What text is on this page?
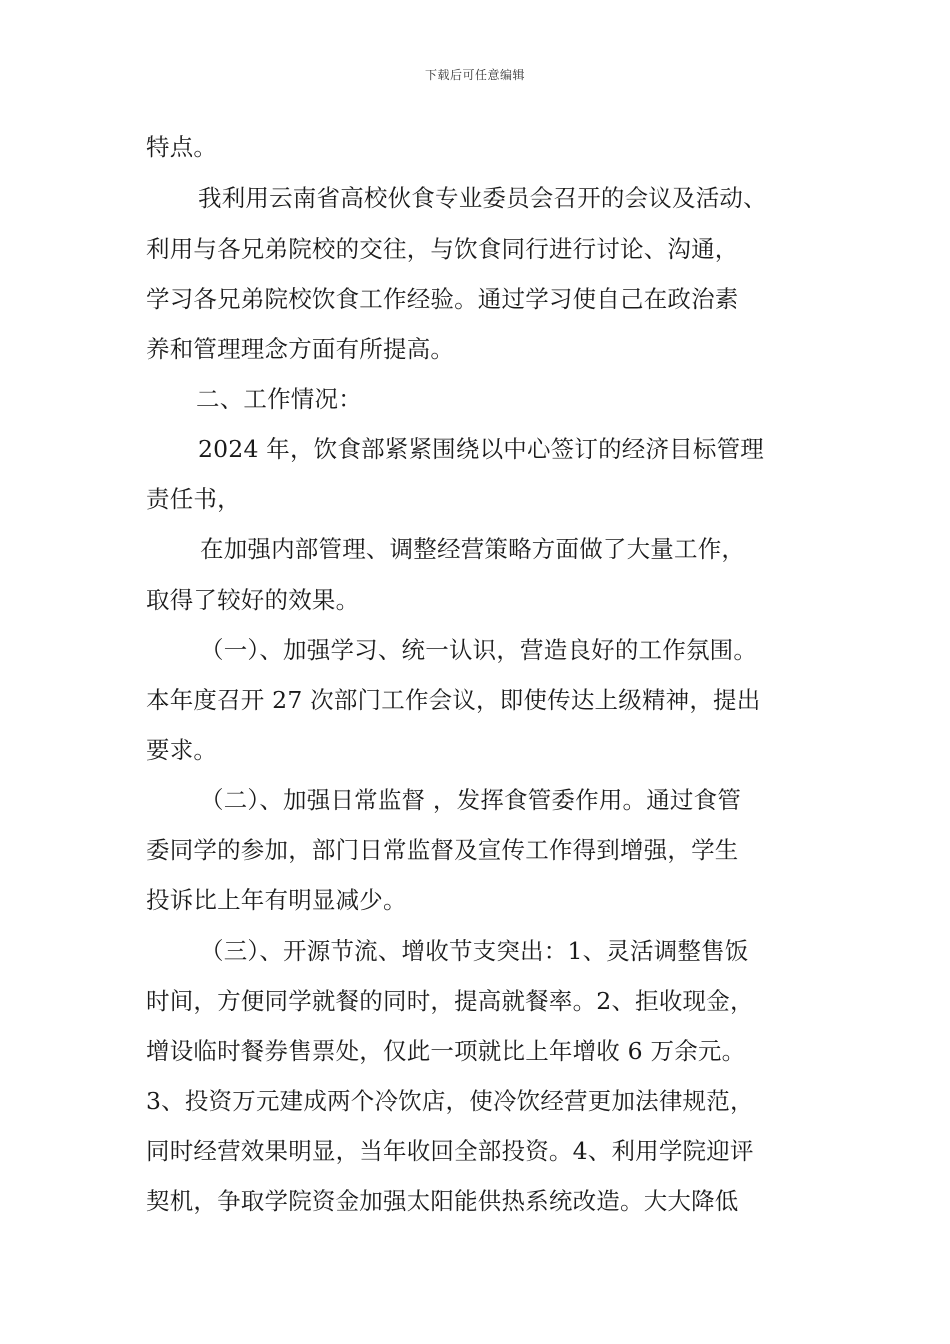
下载后可任意编辑
特点。
我利用云南省高校伙食专业委员会召开的会议及活动、
利用与各兄弟院校的交往，与饮食同行进行讨论、沟通，
学习各兄弟院校饮食工作经验。通过学习使自己在政治素
养和管理理念方面有所提高。
二、工作情况：
2024 年，饮食部紧紧围绕以中心签订的经济目标管理
责任书，
在加强内部管理、调整经营策略方面做了大量工作，
取得了较好的效果。
（一）、加强学习、统一认识，营造良好的工作氛围。
本年度召开 27 次部门工作会议，即使传达上级精神，提出
要求。
（二）、加强日常监督 ，发挥食管委作用。通过食管
委同学的参加，部门日常监督及宣传工作得到增强，学生
投诉比上年有明显减少。
（三）、开源节流、增收节支突出：1、灵活调整售饭
时间，方便同学就餐的同时，提高就餐率。2、拒收现金，
增设临时餐券售票处，仅此一项就比上年增收 6 万余元。
3、投资万元建成两个冷饮店，使冷饮经营更加法律规范，
同时经营效果明显，当年收回全部投资。4、利用学院迎评
契机，争取学院资金加强太阳能供热系统改造。大大降低
